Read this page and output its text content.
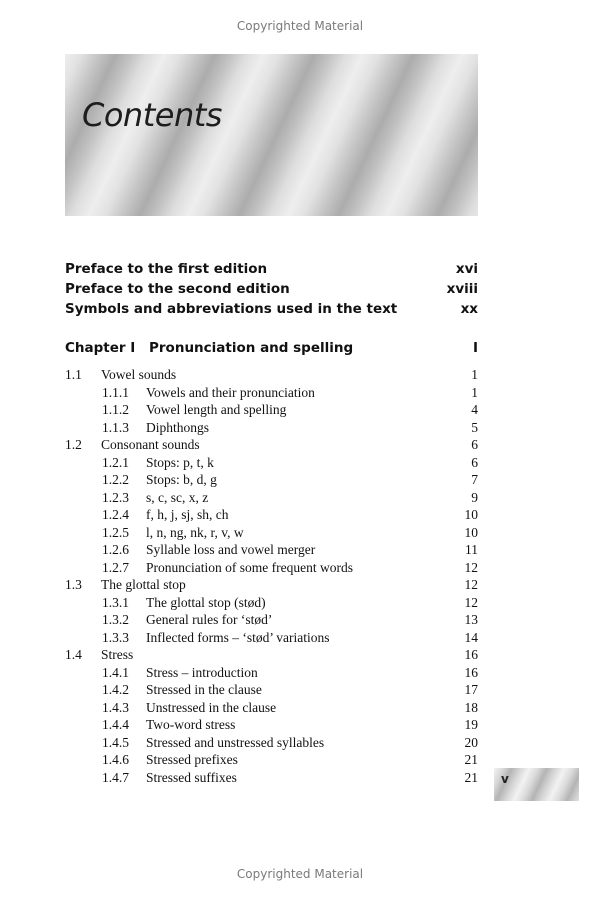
Copyrighted Material
Contents
Preface to the first edition	xvi
Preface to the second edition	xviii
Symbols and abbreviations used in the text	xx
Chapter I Pronunciation and spelling	I
1.1 Vowel sounds	1
1.1.1 Vowels and their pronunciation	1
1.1.2 Vowel length and spelling	4
1.1.3 Diphthongs	5
1.2 Consonant sounds	6
1.2.1 Stops: p, t, k	6
1.2.2 Stops: b, d, g	7
1.2.3 s, c, sc, x, z	9
1.2.4 f, h, j, sj, sh, ch	10
1.2.5 l, n, ng, nk, r, v, w	10
1.2.6 Syllable loss and vowel merger	11
1.2.7 Pronunciation of some frequent words	12
1.3 The glottal stop	12
1.3.1 The glottal stop (stød)	12
1.3.2 General rules for ‘stød’	13
1.3.3 Inflected forms – ‘stød’ variations	14
1.4 Stress	16
1.4.1 Stress – introduction	16
1.4.2 Stressed in the clause	17
1.4.3 Unstressed in the clause	18
1.4.4 Two-word stress	19
1.4.5 Stressed and unstressed syllables	20
1.4.6 Stressed prefixes	21
1.4.7 Stressed suffixes	21 v
Copyrighted Material
